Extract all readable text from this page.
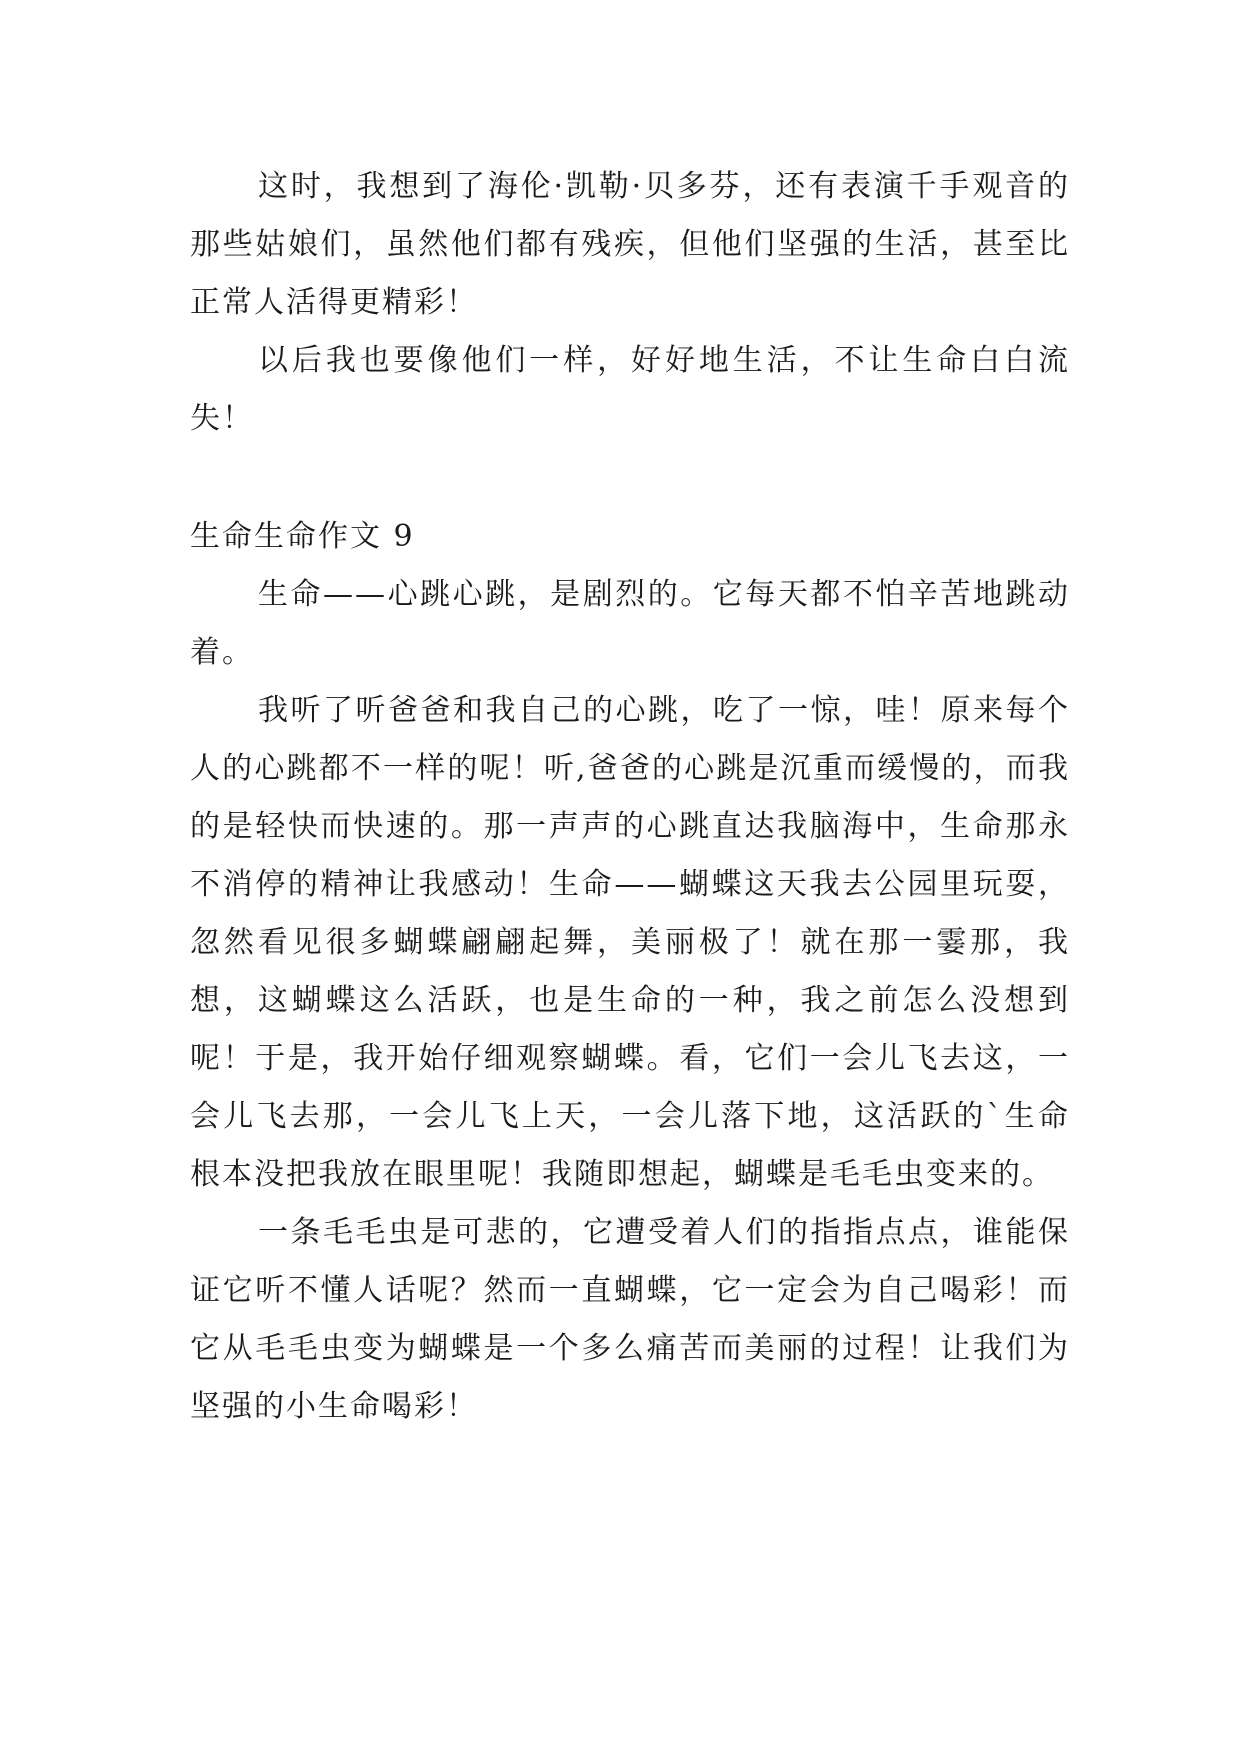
这时，我想到了海伦·凯勒·贝多芬，还有表演千手观音的那些姑娘们，虽然他们都有残疾，但他们坚强的生活，甚至比正常人活得更精彩！

以后我也要像他们一样，好好地生活，不让生命白白流失！

生命生命作文 9

生命——心跳心跳，是剧烈的。它每天都不怕辛苦地跳动着。

我听了听爸爸和我自己的心跳，吃了一惊，哇！原来每个人的心跳都不一样的呢！听,爸爸的心跳是沉重而缓慢的，而我的是轻快而快速的。那一声声的心跳直达我脑海中，生命那永不消停的精神让我感动！生命——蝴蝶这天我去公园里玩耍，忽然看见很多蝴蝶翩翩起舞，美丽极了！就在那一霎那，我想，这蝴蝶这么活跃，也是生命的一种，我之前怎么没想到呢！于是，我开始仔细观察蝴蝶。看，它们一会儿飞去这，一会儿飞去那，一会儿飞上天，一会儿落下地，这活跃的`生命根本没把我放在眼里呢！我随即想起，蝴蝶是毛毛虫变来的。

一条毛毛虫是可悲的，它遭受着人们的指指点点，谁能保证它听不懂人话呢？然而一直蝴蝶，它一定会为自己喝彩！而它从毛毛虫变为蝴蝶是一个多么痛苦而美丽的过程！让我们为坚强的小生命喝彩！
